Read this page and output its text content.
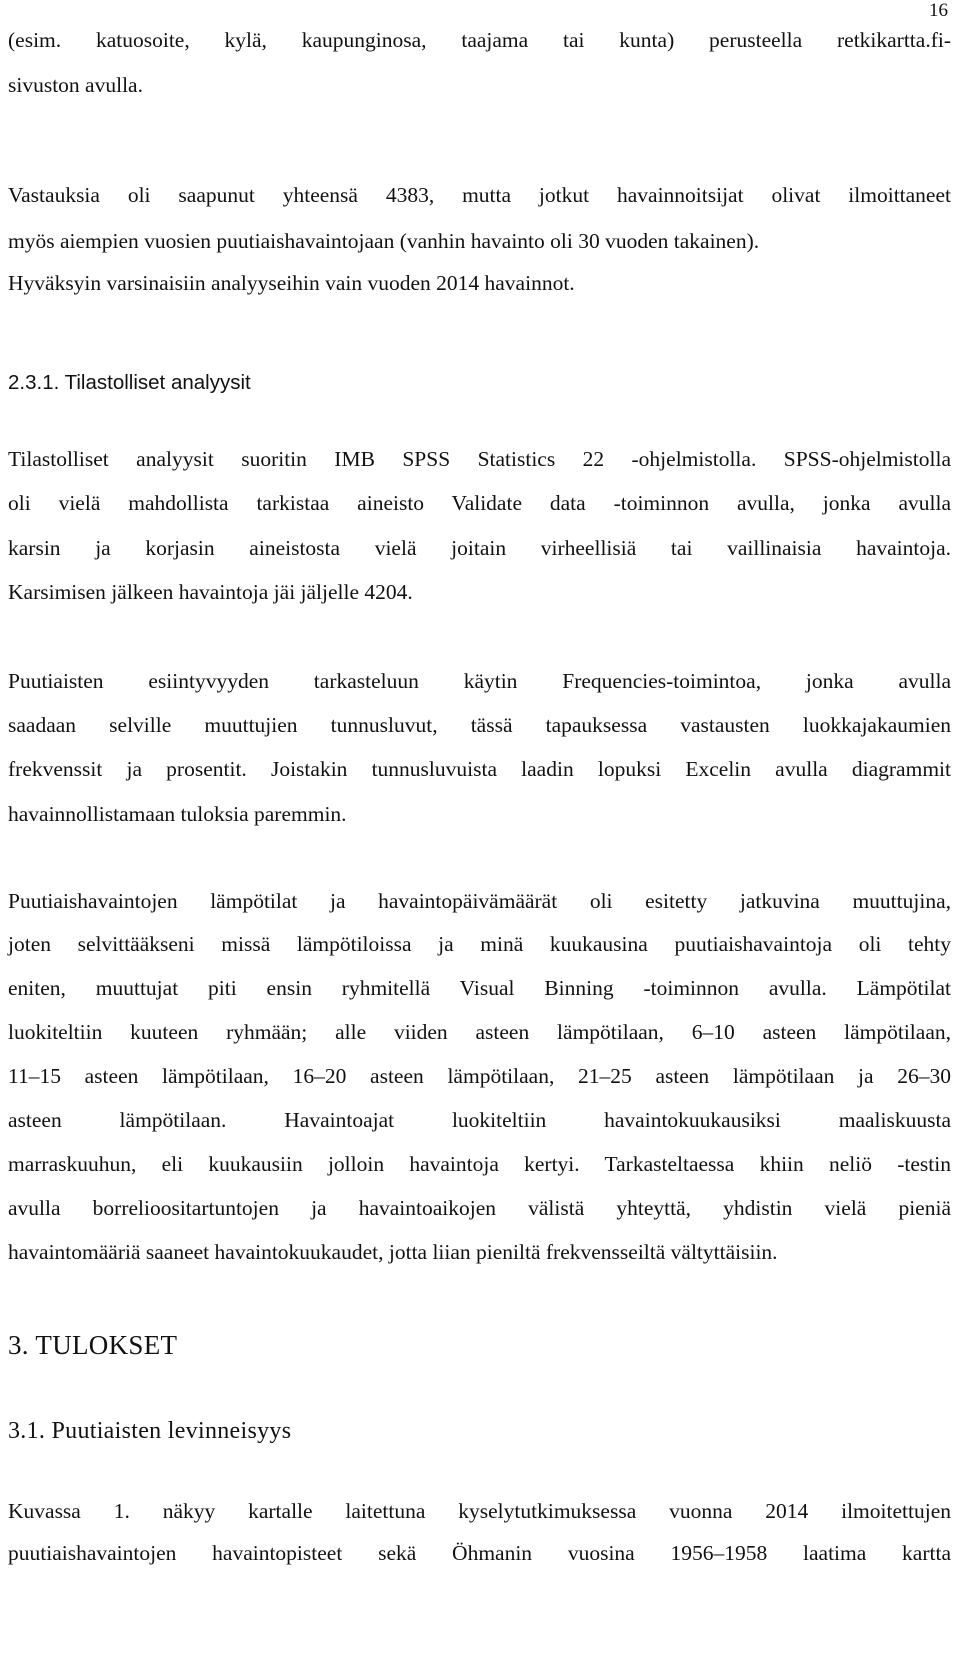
16
(esim. katuosoite, kylä, kaupunginosa, taajama tai kunta) perusteella retkikartta.fi-
sivuston avulla.
Vastauksia oli saapunut yhteensä 4383, mutta jotkut havainnoitsijat olivat ilmoittaneet
myös aiempien vuosien puutiaishavaintojaan (vanhin havainto oli 30 vuoden takainen).
Hyväksyin varsinaisiin analyyseihin vain vuoden 2014 havainnot.
2.3.1. Tilastolliset analyysit
Tilastolliset analyysit suoritin IMB SPSS Statistics 22 -ohjelmistolla. SPSS-ohjelmistolla
oli vielä mahdollista tarkistaa aineisto Validate data -toiminnon avulla, jonka avulla
karsin ja korjasin aineistosta vielä joitain virheellisiä tai vaillinaisia havaintoja.
Karsimisen jälkeen havaintoja jäi jäljelle 4204.
Puutiaisten esiintyvyyden tarkasteluun käytin Frequencies-toimintoa, jonka avulla
saadaan selville muuttujien tunnusluvut, tässä tapauksessa vastausten luokkajakaumien
frekvenssit ja prosentit. Joistakin tunnusluvuista laadin lopuksi Excelin avulla diagrammit
havainnollistamaan tuloksia paremmin.
Puutiaishavaintojen lämpötilat ja havaintopäivämäärät oli esitetty jatkuvina muuttujina,
joten selvittääkseni missä lämpötiloissa ja minä kuukausina puutiaishavaintoja oli tehty
eniten, muuttujat piti ensin ryhmitellä Visual Binning -toiminnon avulla. Lämpötilat
luokiteltiin kuuteen ryhmään; alle viiden asteen lämpötilaan, 6–10 asteen lämpötilaan,
11–15 asteen lämpötilaan, 16–20 asteen lämpötilaan, 21–25 asteen lämpötilaan ja 26–30
asteen lämpötilaan. Havaintoajat luokiteltiin havaintokuukausiksi maaliskuusta
marraskuuhun, eli kuukausiin jolloin havaintoja kertyi. Tarkasteltaessa khiin neliö -testin
avulla borrelioositartuntojen ja havaintoaikojen välistä yhteyttä, yhdistin vielä pieniä
havaintomääriä saaneet havaintokuukaudet, jotta liian pieniltä frekvensseiltä vältyttäisiin.
3. TULOKSET
3.1. Puutiaisten levinneisyys
Kuvassa 1. näkyy kartalle laitettuna kyselytutkimuksessa vuonna 2014 ilmoitettujen
puutiaishavaintojen havaintopisteet sekä Öhmanin vuosina 1956–1958 laatima kartta
